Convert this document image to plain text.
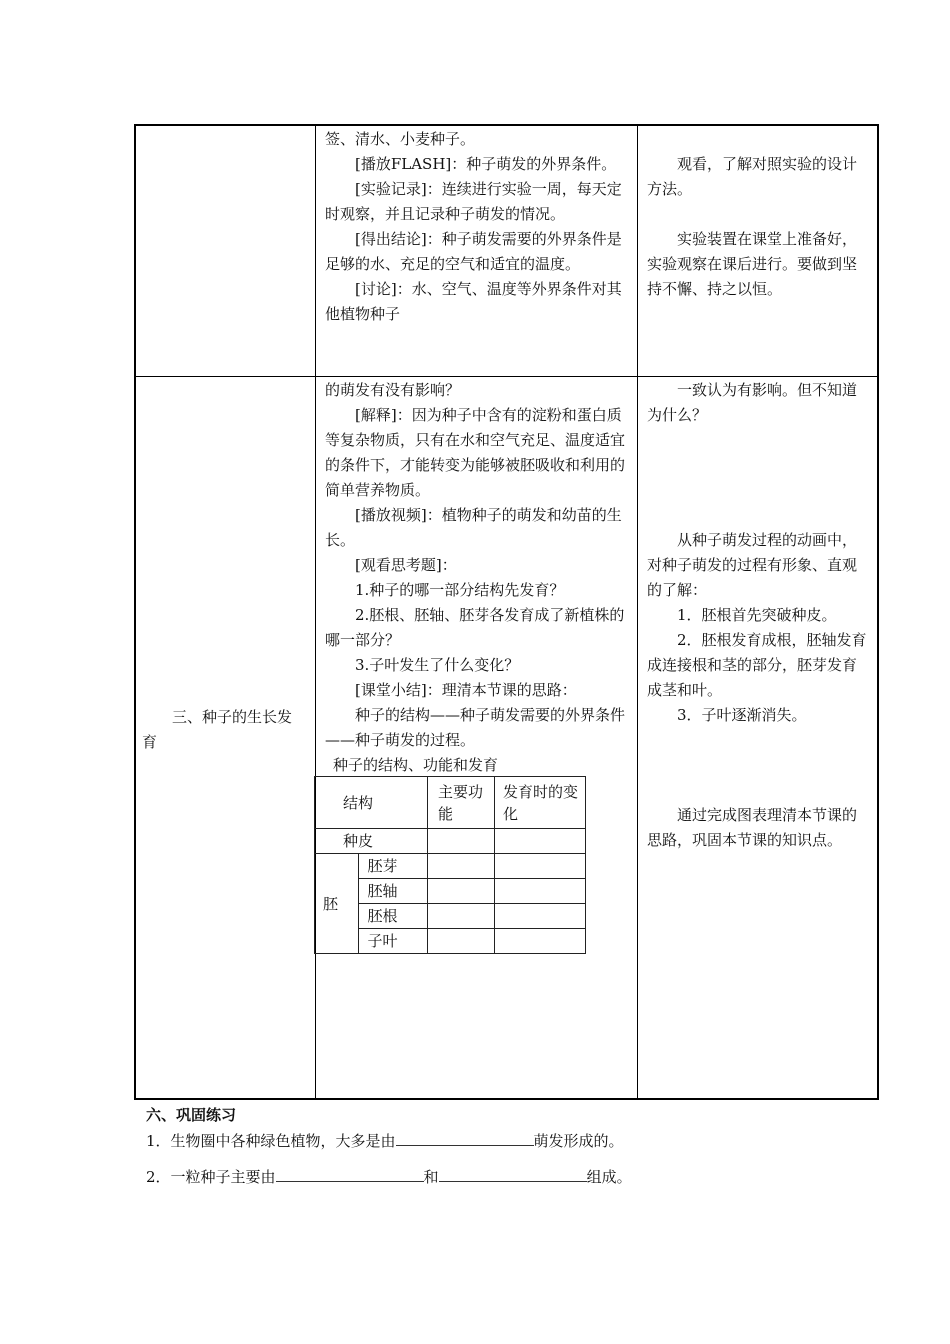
签、清水、小麦种子。

[播放FLASH]：种子萌发的外界条件。

[实验记录]：连续进行实验一周，每天定时观察，并且记录种子萌发的情况。

[得出结论]：种子萌发需要的外界条件是足够的水、充足的空气和适宜的温度。

[讨论]：水、空气、温度等外界条件对其他植物种子

观看，了解对照实验的设计方法。

实验装置在课堂上准备好，实验观察在课后进行。要做到坚持不懈、持之以恒。

三、种子的生长发育

的萌发有没有影响？

[解释]：因为种子中含有的淀粉和蛋白质等复杂物质，只有在水和空气充足、温度适宜的条件下，才能转变为能够被胚吸收和利用的简单营养物质。

[播放视频]：植物种子的萌发和幼苗的生长。

[观看思考题]：

1.种子的哪一部分结构先发育？

2.胚根、胚轴、胚芽各发育成了新植株的哪一部分？

3.子叶发生了什么变化？

[课堂小结]：理清本节课的思路：

种子的结构——种子萌发需要的外界条件——种子萌发的过程。

种子的结构、功能和发育

结构		主要功能	发育时的变化
种皮			
胚	胚芽		
	胚轴		
	胚根		
	子叶		

一致认为有影响。但不知道为什么？

从种子萌发过程的动画中，对种子萌发的过程有形象、直观的了解：

1．胚根首先突破种皮。

2．胚根发育成根，胚轴发育成连接根和茎的部分，胚芽发育成茎和叶。

3．子叶逐渐消失。

通过完成图表理清本节课的思路，巩固本节课的知识点。

六、巩固练习
1．生物圈中各种绿色植物，大多是由	萌发形成的。
2．一粒种子主要由	和	组成。
